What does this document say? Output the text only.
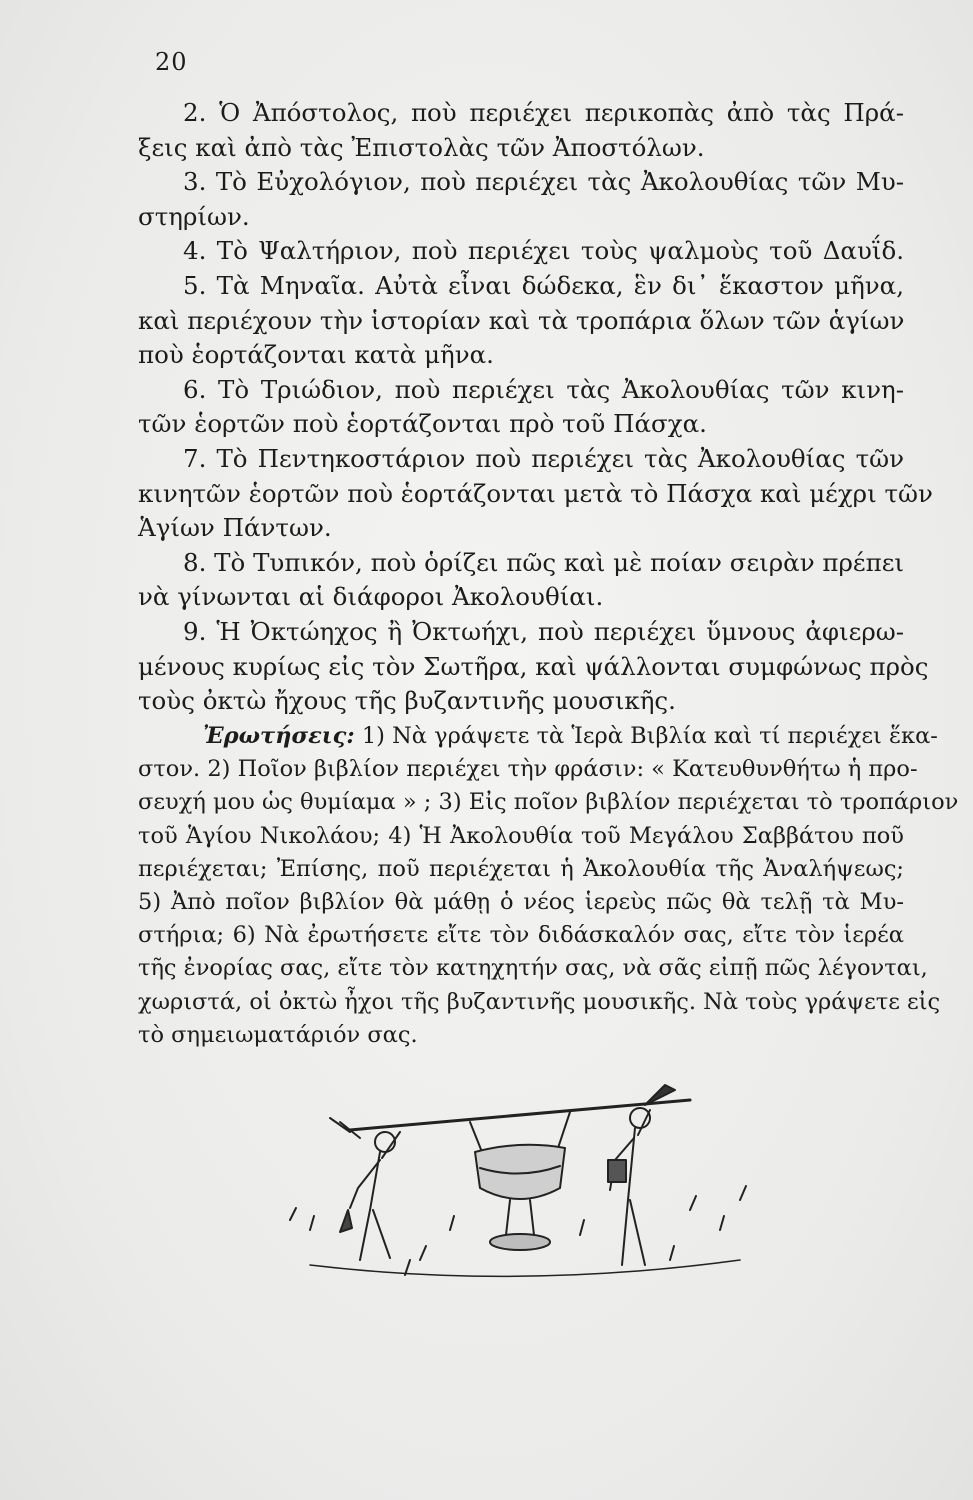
20
2. Ὁ Ἀπόστολος, ποὺ περιέχει περικοπὰς ἀπὸ τὰς Πρά-
ξεις καὶ ἀπὸ τὰς Ἐπιστολὰς τῶν Ἀποστόλων.
3. Τὸ Εὐχολόγιον, ποὺ περιέχει τὰς Ἀκολουθίας τῶν Μυ-
στηρίων.
4. Τὸ Ψαλτήριον, ποὺ περιέχει τοὺς ψαλμοὺς τοῦ Δαυΐδ.
5. Τὰ Μηναῖα. Αὐτὰ εἶναι δώδεκα, ἓν δι᾿ ἕκαστον μῆνα,
καὶ περιέχουν τὴν ἱστορίαν καὶ τὰ τροπάρια ὅλων τῶν ἁγίων
ποὺ ἑορτάζονται κατὰ μῆνα.
6. Τὸ Τριώδιον, ποὺ περιέχει τὰς Ἀκολουθίας τῶν κινη-
τῶν ἑορτῶν ποὺ ἑορτάζονται πρὸ τοῦ Πάσχα.
7. Τὸ Πεντηκοστάριον ποὺ περιέχει τὰς Ἀκολουθίας τῶν
κινητῶν ἑορτῶν ποὺ ἑορτάζονται μετὰ τὸ Πάσχα καὶ μέχρι τῶν
Ἁγίων Πάντων.
8. Τὸ Τυπικόν, ποὺ ὁρίζει πῶς καὶ μὲ ποίαν σειρὰν πρέπει
νὰ γίνωνται αἱ διάφοροι Ἀκολουθίαι.
9. Ἡ Ὀκτώηχος ἢ Ὀκτωήχι, ποὺ περιέχει ὕμνους ἀφιερω-
μένους κυρίως εἰς τὸν Σωτῆρα, καὶ ψάλλονται συμφώνως πρὸς
τοὺς ὀκτὼ ἤχους τῆς βυζαντινῆς μουσικῆς.
Ἐρωτήσεις: 1) Νὰ γράψετε τὰ Ἱερὰ Βιβλία καὶ τί περιέχει ἕκα-
στον. 2) Ποῖον βιβλίον περιέχει τὴν φράσιν: « Κατευθυνθήτω ἡ προ-
σευχή μου ὡς θυμίαμα » ; 3) Εἰς ποῖον βιβλίον περιέχεται τὸ τροπάριον
τοῦ Ἁγίου Νικολάου; 4) Ἡ Ἀκολουθία τοῦ Μεγάλου Σαββάτου ποῦ
περιέχεται; Ἐπίσης, ποῦ περιέχεται ἡ Ἀκολουθία τῆς Ἀναλήψεως;
5) Ἀπὸ ποῖον βιβλίον θὰ μάθῃ ὁ νέος ἱερεὺς πῶς θὰ τελῇ τὰ Μυ-
στήρια; 6) Νὰ ἐρωτήσετε εἴτε τὸν διδάσκαλόν σας, εἴτε τὸν ἱερέα
τῆς ἐνορίας σας, εἴτε τὸν κατηχητήν σας, νὰ σᾶς εἰπῇ πῶς λέγονται,
χωριστά, οἱ ὀκτὼ ἦχοι τῆς βυζαντινῆς μουσικῆς. Νὰ τοὺς γράψετε εἰς
τὸ σημειωματάριόν σας.
